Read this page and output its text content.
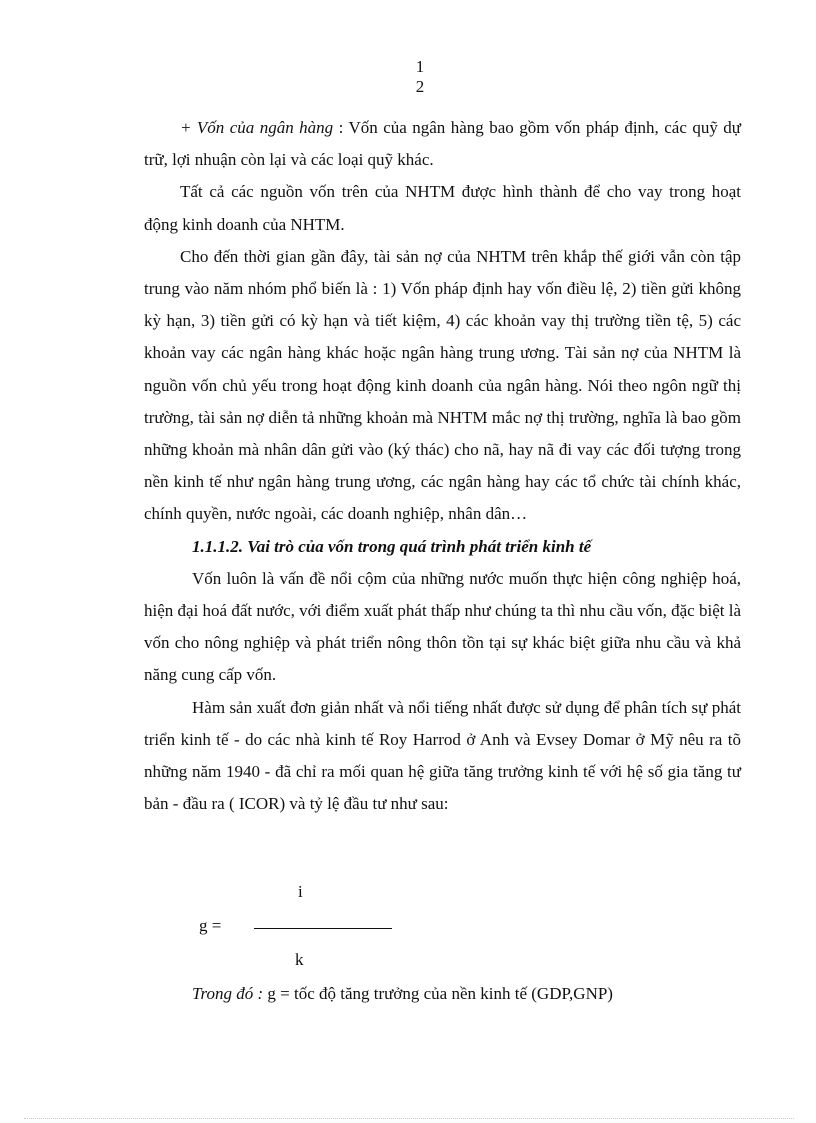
1
2

+ Vốn của ngân hàng : Vốn của ngân hàng bao gồm vốn pháp định, các quỹ dự trữ, lợi nhuận còn lại và các loại quỹ khác.

Tất cả các nguồn vốn trên của NHTM được hình thành để cho vay trong hoạt động kinh doanh của NHTM.

Cho đến thời gian gần đây, tài sản nợ của NHTM trên khắp thế giới vẫn còn tập trung vào năm nhóm phổ biến là : 1) Vốn pháp định hay vốn điều lệ, 2) tiền gửi không kỳ hạn, 3) tiền gửi có kỳ hạn và tiết kiệm, 4) các khoản vay thị trường tiền tệ, 5) các khoản vay các ngân hàng khác hoặc ngân hàng trung ương. Tài sản nợ của NHTM là nguồn vốn chủ yếu trong hoạt động kinh doanh của ngân hàng. Nói theo ngôn ngữ thị trường, tài sản nợ diễn tả những khoản mà NHTM mắc nợ thị trường, nghĩa là bao gồm những khoản mà nhân dân gửi vào (ký thác) cho nã, hay nã đi vay các đối tượng trong nền kinh tế như ngân hàng trung ương, các ngân hàng hay các tổ chức tài chính khác, chính quyền, nước ngoài, các doanh nghiệp, nhân dân…

1.1.1.2. Vai trò của vốn trong quá trình phát triển kinh tế

Vốn luôn là vấn đề nổi cộm của những nước muốn thực hiện công nghiệp hoá, hiện đại hoá đất nước, với điểm xuất phát thấp như chúng ta thì nhu cầu vốn, đặc biệt là vốn cho nông nghiệp và phát triển nông thôn tồn tại sự khác biệt giữa nhu cầu và khả năng cung cấp vốn.

Hàm sản xuất đơn giản nhất và nổi tiếng nhất được sử dụng để phân tích sự phát triển kinh tế - do các nhà kinh tế Roy Harrod ở Anh và Evsey Domar ở Mỹ nêu ra tõ những năm 1940 - đã chỉ ra mối quan hệ giữa tăng trưởng kinh tế với hệ số gia tăng tư bản - đầu ra ( ICOR) và tỷ lệ đầu tư như sau:

i
g =
k
Trong đó : g = tốc độ tăng trưởng của nền kinh tế (GDP,GNP)
